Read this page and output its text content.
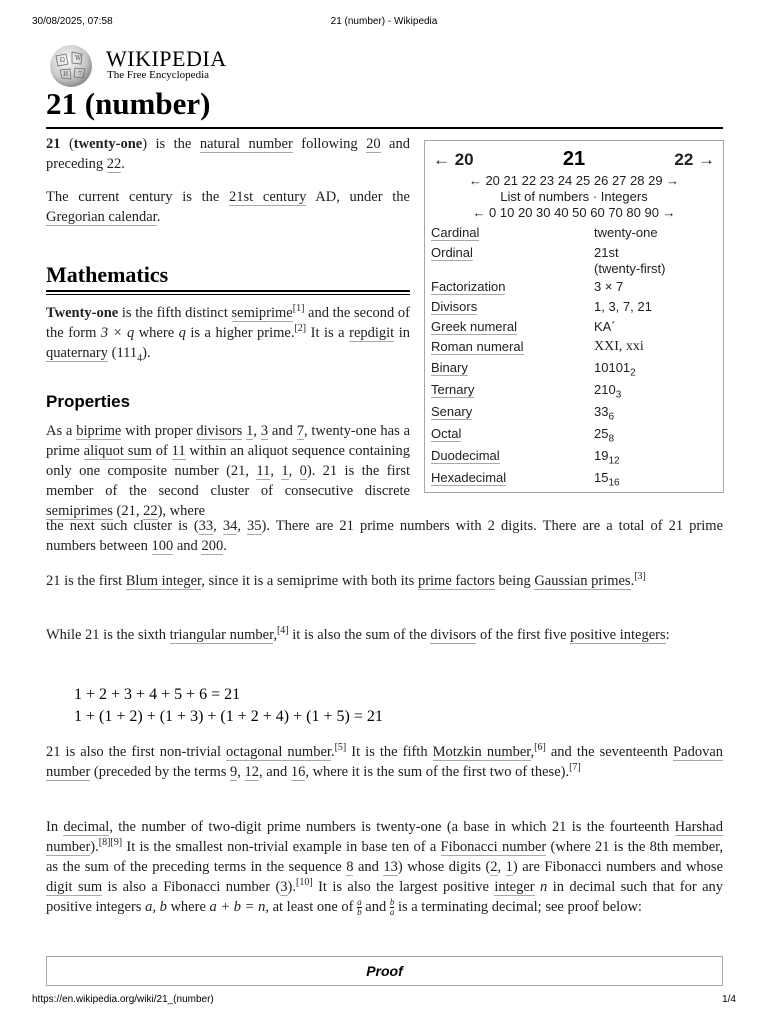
30/08/2025, 07:58	21 (number) - Wikipedia
https://en.wikipedia.org/wiki/21_(number)	1/4
Ω W
И ウ
WIKIPEDIA
The Free Encyclopedia
21 (number)

21 (twenty-one) is the natural number following 20 and preceding 22.

The current century is the 21st century AD, under the Gregorian calendar.

Mathematics

Twenty-one is the fifth distinct semiprime[1] and the second of the form 3 × q where q is a higher prime.[2] It is a repdigit in quaternary $(111_4)$.

Properties

As a biprime with proper divisors 1, 3 and 7, twenty-one has a prime aliquot sum of 11 within an aliquot sequence containing only one composite number (21, 11, 1, 0). 21 is the first member of the second cluster of consecutive discrete semiprimes (21, 22), where

the next such cluster is (33, 34, 35). There are 21 prime numbers with 2 digits. There are a total of 21 prime numbers between 100 and 200.

21 is the first Blum integer, since it is a semiprime with both its prime factors being Gaussian primes.[3]

While 21 is the sixth triangular number,[4] it is also the sum of the divisors of the first five positive integers:

1 + 2 + 3 + 4 + 5 + 6 = 21
1 + (1 + 2) + (1 + 3) + (1 + 2 + 4) + (1 + 5) = 21

21 is also the first non-trivial octagonal number.[5] It is the fifth Motzkin number,[6] and the seventeenth Padovan number (preceded by the terms 9, 12, and 16, where it is the sum of the first two of these).[7]

In decimal, the number of two-digit prime numbers is twenty-one (a base in which 21 is the fourteenth Harshad number).[8][9] It is the smallest non-trivial example in base ten of a Fibonacci number (where 21 is the 8th member, as the sum of the preceding terms in the sequence 8 and 13) whose digits (2, 1) are Fibonacci numbers and whose digit sum is also a Fibonacci number (3).[10] It is also the largest positive integer n in decimal such that for any positive integers a, b where a + b = n, at least one of $\frac{a}{b}$ and $\frac{b}{a}$ is a terminating decimal; see proof below:

Proof
← 20	21	22 →
← 20 21 22 23 24 25 26 27 28 29 →
List of numbers · Integers
← 0 10 20 30 40 50 60 70 80 90 →
Cardinal	twenty-one
Ordinal	21st
(twenty-first)
Factorization	3 × 7
Divisors	1, 3, 7, 21
Greek numeral	ΚΑ´
Roman numeral	XXI, xxi
Binary	$10101_2$
Ternary	$210_3$
Senary	$33_6$
Octal	$25_8$
Duodecimal	$19_{12}$
Hexadecimal	$15_{16}$
